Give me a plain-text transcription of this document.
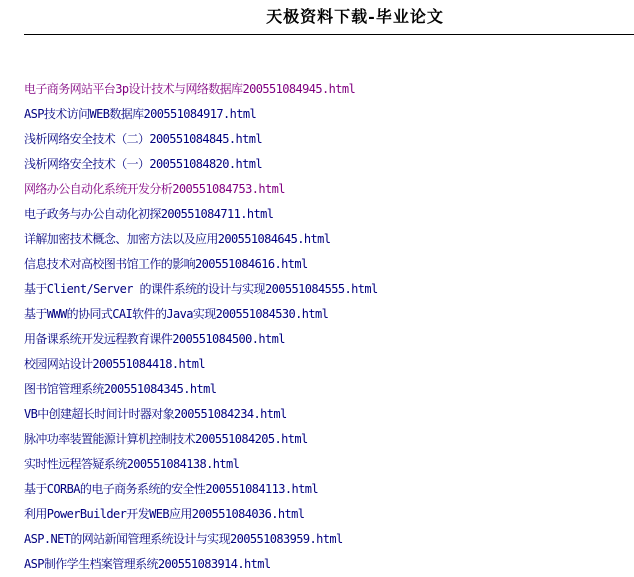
天极资料下载-毕业论文
电子商务网站平台3p设计技术与网络数据库200551084945.html
ASP技术访问WEB数据库200551084917.html
浅析网络安全技术（二）200551084845.html
浅析网络安全技术（一）200551084820.html
网络办公自动化系统开发分析200551084753.html
电子政务与办公自动化初探200551084711.html
详解加密技术概念、加密方法以及应用200551084645.html
信息技术对高校图书馆工作的影响200551084616.html
基于Client/Server 的课件系统的设计与实现200551084555.html
基于WWW的协同式CAI软件的Java实现200551084530.html
用备课系统开发远程教育课件200551084500.html
校园网站设计200551084418.html
图书馆管理系统200551084345.html
VB中创建超长时间计时器对象200551084234.html
脉冲功率装置能源计算机控制技术200551084205.html
实时性远程答疑系统200551084138.html
基于CORBA的电子商务系统的安全性200551084113.html
利用PowerBuilder开发WEB应用200551084036.html
ASP.NET的网站新闻管理系统设计与实现200551083959.html
ASP制作学生档案管理系统200551083914.html
